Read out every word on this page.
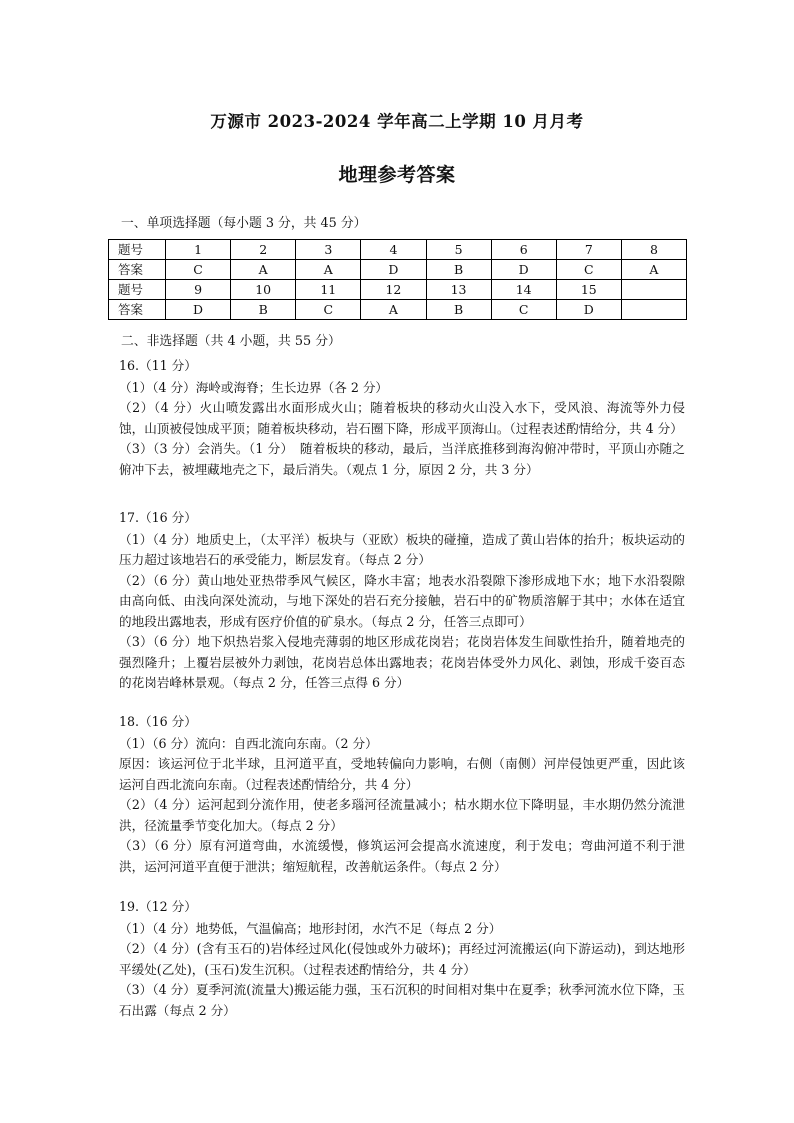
万源市 2023-2024 学年高二上学期 10 月月考
地理参考答案
一、单项选择题（每小题 3 分，共 45 分）
题号	1	2	3	4	5	6	7	8
答案	C	A	A	D	B	D	C	A
题号	9	10	11	12	13	14	15	
答案	D	B	C	A	B	C	D	
二、非选择题（共 4 小题，共 55 分）

16.（11 分）

（1）（4 分）海岭或海脊；生长边界（各 2 分）

（2）（4 分）火山喷发露出水面形成火山；随着板块的移动火山没入水下，受风浪、海流等外力侵蚀，山顶被侵蚀成平顶；随着板块移动，岩石圈下降，形成平顶海山。（过程表述酌情给分，共 4 分）

（3）（3 分）会消失。（1 分）　随着板块的移动，最后，当洋底推移到海沟俯冲带时，平顶山亦随之俯冲下去，被埋藏地壳之下，最后消失。（观点 1 分，原因 2 分，共 3 分）

17.（16 分）

（1）（4 分）地质史上，（太平洋）板块与（亚欧）板块的碰撞，造成了黄山岩体的抬升；板块运动的压力超过该地岩石的承受能力，断层发育。（每点 2 分）

（2）（6 分）黄山地处亚热带季风气候区，降水丰富；地表水沿裂隙下渗形成地下水；地下水沿裂隙由高向低、由浅向深处流动，与地下深处的岩石充分接触，岩石中的矿物质溶解于其中；水体在适宜的地段出露地表，形成有医疗价值的矿泉水。（每点 2 分，任答三点即可）

（3）（6 分）地下炽热岩浆入侵地壳薄弱的地区形成花岗岩；花岗岩体发生间歇性抬升，随着地壳的强烈隆升；上覆岩层被外力剥蚀，花岗岩总体出露地表；花岗岩体受外力风化、剥蚀，形成千姿百态的花岗岩峰林景观。（每点 2 分，任答三点得 6 分）

18.（16 分）

（1）（6 分）流向：自西北流向东南。（2 分）

原因：该运河位于北半球，且河道平直，受地转偏向力影响，右侧（南侧）河岸侵蚀更严重，因此该运河自西北流向东南。（过程表述酌情给分，共 4 分）

（2）（4 分）运河起到分流作用，使老多瑙河径流量减小；枯水期水位下降明显，丰水期仍然分流泄洪，径流量季节变化加大。（每点 2 分）

（3）（6 分）原有河道弯曲，水流缓慢，修筑运河会提高水流速度，利于发电；弯曲河道不利于泄洪，运河河道平直便于泄洪；缩短航程，改善航运条件。（每点 2 分）

19.（12 分）

（1）（4 分）地势低，气温偏高；地形封闭，水汽不足（每点 2 分）

（2）（4 分）(含有玉石的)岩体经过风化(侵蚀或外力破坏)；再经过河流搬运(向下游运动)，到达地形平缓处(乙处)，(玉石)发生沉积。（过程表述酌情给分，共 4 分）

（3）（4 分）夏季河流(流量大)搬运能力强，玉石沉积的时间相对集中在夏季；秋季河流水位下降，玉石出露（每点 2 分）
